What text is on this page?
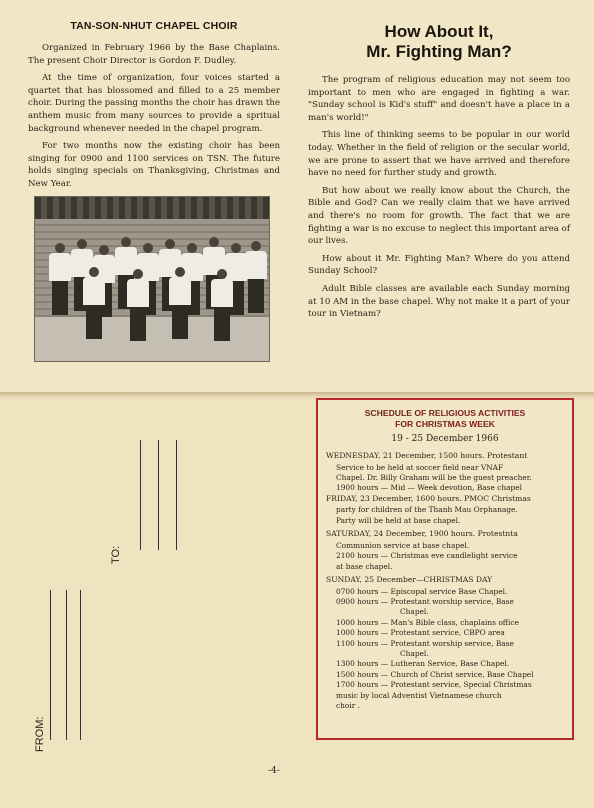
TAN-SON-NHUT CHAPEL CHOIR

Organized in February 1966 by the Base Chaplains. The present Choir Director is Gordon F. Dudley.

At the time of organization, four voices started a quartet that has blossomed and filled to a 25 member choir. During the passing months the choir has drawn the anthem music from many sources to provide a spritual background whenever needed in the chapel program.

For two months now the existing choir has been singing for 0900 and 1100 services on TSN. The future holds singing specials on Thanksgiving, Christmas and New Year.

How About It,
Mr. Fighting Man?

The program of religious education may not seem too important to men who are engaged in fighting a war. "Sunday school is Kid's stuff" and doesn't have a place in a man's world!"

This line of thinking seems to be popular in our world today. Whether in the field of religion or the secular world, we are prone to assert that we have arrived and therefore have no need for further study and growth.

But how about we really know about the Church, the Bible and God? Can we really claim that we have arrived and there's no room for growth. The fact that we are fighting a war is no excuse to neglect this important area of our lives.

How about it Mr. Fighting Man? Where do you attend Sunday School?

Adult Bible classes are available each Sunday morning at 10 AM in the base chapel. Why not make it a part of your tour in Vietnam?

TO:
FROM:
SCHEDULE OF RELIGIOUS ACTIVITIES
FOR CHRISTMAS WEEK
19 - 25 December 1966

WEDNESDAY, 21 December, 1500 hours. Protestant

Service to be held at soccer field near VNAF

Chapel. Dr. Billy Graham will be the guest preacher.

1900 hours — Mid — Week devotion, Base chapel

FRIDAY, 23 December, 1600 hours. PMOC Christmas

party for children of the Thanh Mau Orphanage.

Party will be held at base chapel.

SATURDAY, 24 December, 1900 hours. Protestnta

Communion service at base chapel.

2100 hours — Christmas eve candlelight service

at base chapel.

SUNDAY, 25 December—CHRISTMAS DAY

0700 hours — Episcopal service Base Chapel.

0900 hours — Protestant worship service, Base

Chapel.

1000 hours — Man's Bible class, chaplains office

1000 hours — Protestant service, CBPO area

1100 hours — Protestant worship service, Base

Chapel.

1300 hours — Lutheran Service, Base Chapel.

1500 hours — Church of Christ service, Base Chapel

1700 hours — Protestant service, Special Christmas

music by local Adventist Vietnamese church

choir .

-4-
